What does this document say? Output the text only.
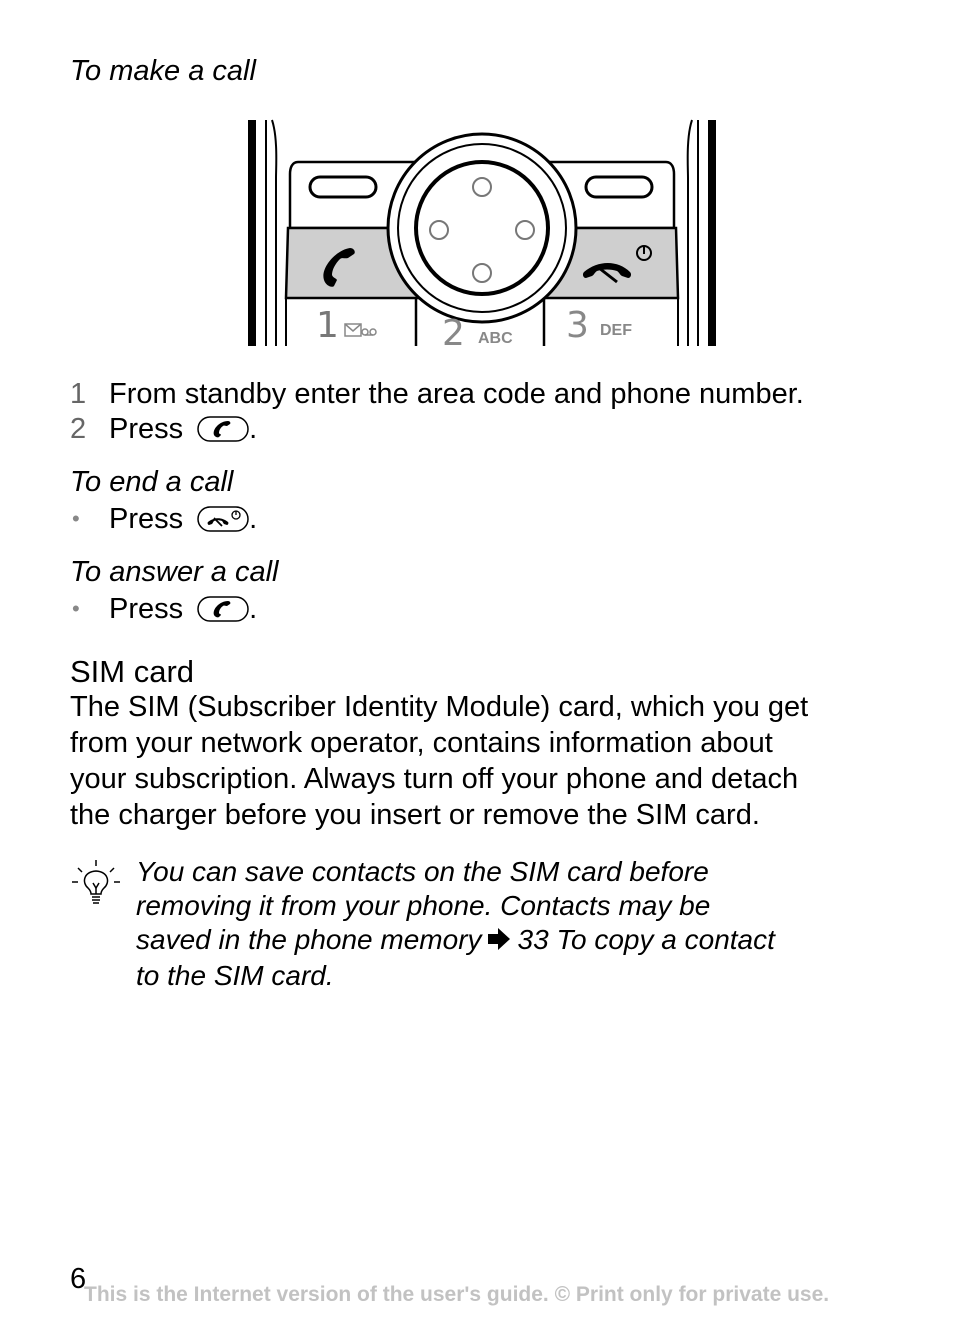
To make a call
1	2 ABC 3 DEF
1 From standby enter the area code and phone number.
2 Press .
To end a call
•	Press .
To answer a call
•	Press .
SIM card
The SIM (Subscriber Identity Module) card, which you get
from your network operator, contains information about
your subscription. Always turn off your phone and detach
the charger before you insert or remove the SIM card.
You can save contacts on the SIM card before
removing it from your phone. Contacts may be
saved in the phone memory 33 To copy a contact
to the SIM card.
6
This is the Internet version of the user's guide. © Print only for private use.
